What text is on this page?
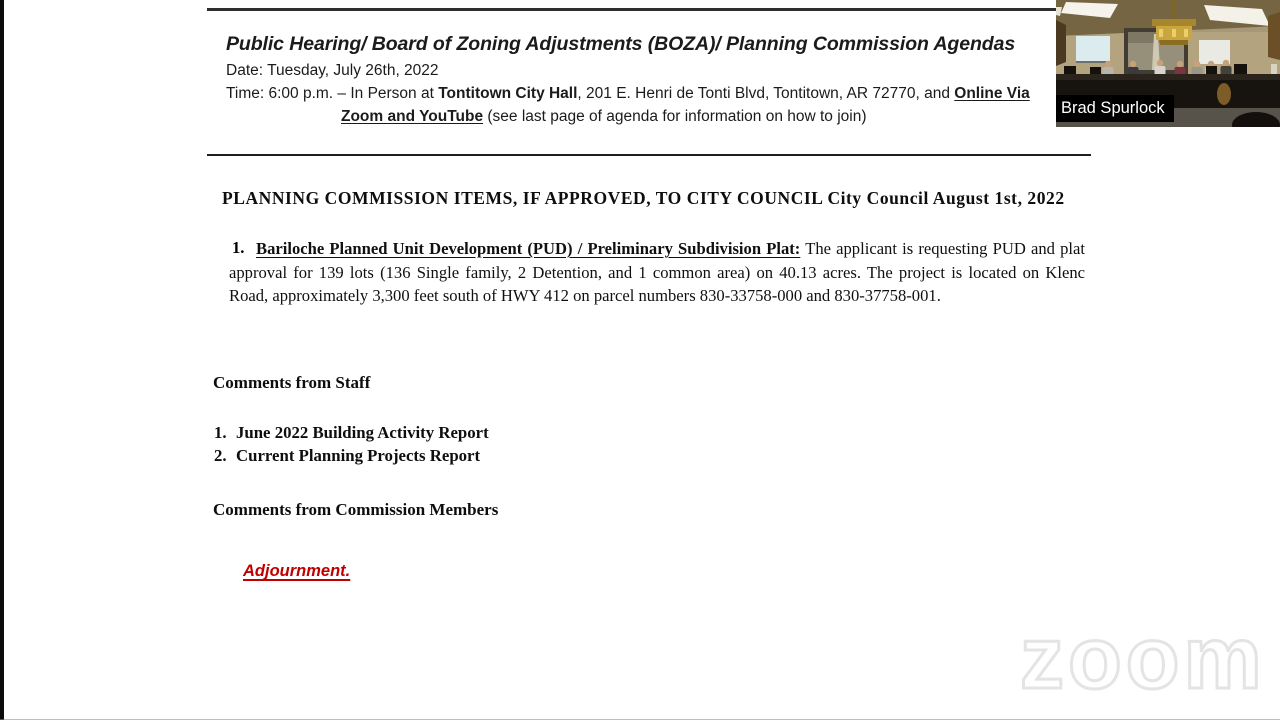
Public Hearing/ Board of Zoning Adjustments (BOZA)/ Planning Commission Agendas
Date: Tuesday, July 26th, 2022
Time: 6:00 p.m. – In Person at Tontitown City Hall, 201 E. Henri de Tonti Blvd, Tontitown, AR 72770, and Online Via
Zoom and YouTube (see last page of agenda for information on how to join)
PLANNING COMMISSION ITEMS, IF APPROVED, TO CITY COUNCIL City Council August 1st, 2022
1. Bariloche Planned Unit Development (PUD) / Preliminary Subdivision Plat: The applicant is requesting PUD and plat approval for 139 lots (136 Single family, 2 Detention, and 1 common area) on 40.13 acres. The project is located on Klenc Road, approximately 3,300 feet south of HWY 412 on parcel numbers 830-33758-000 and 830-37758-001.

Comments from Staff
1. June 2022 Building Activity Report
2. Current Planning Projects Report
Comments from Commission Members
Adjournment.
zoom
Brad Spurlock
